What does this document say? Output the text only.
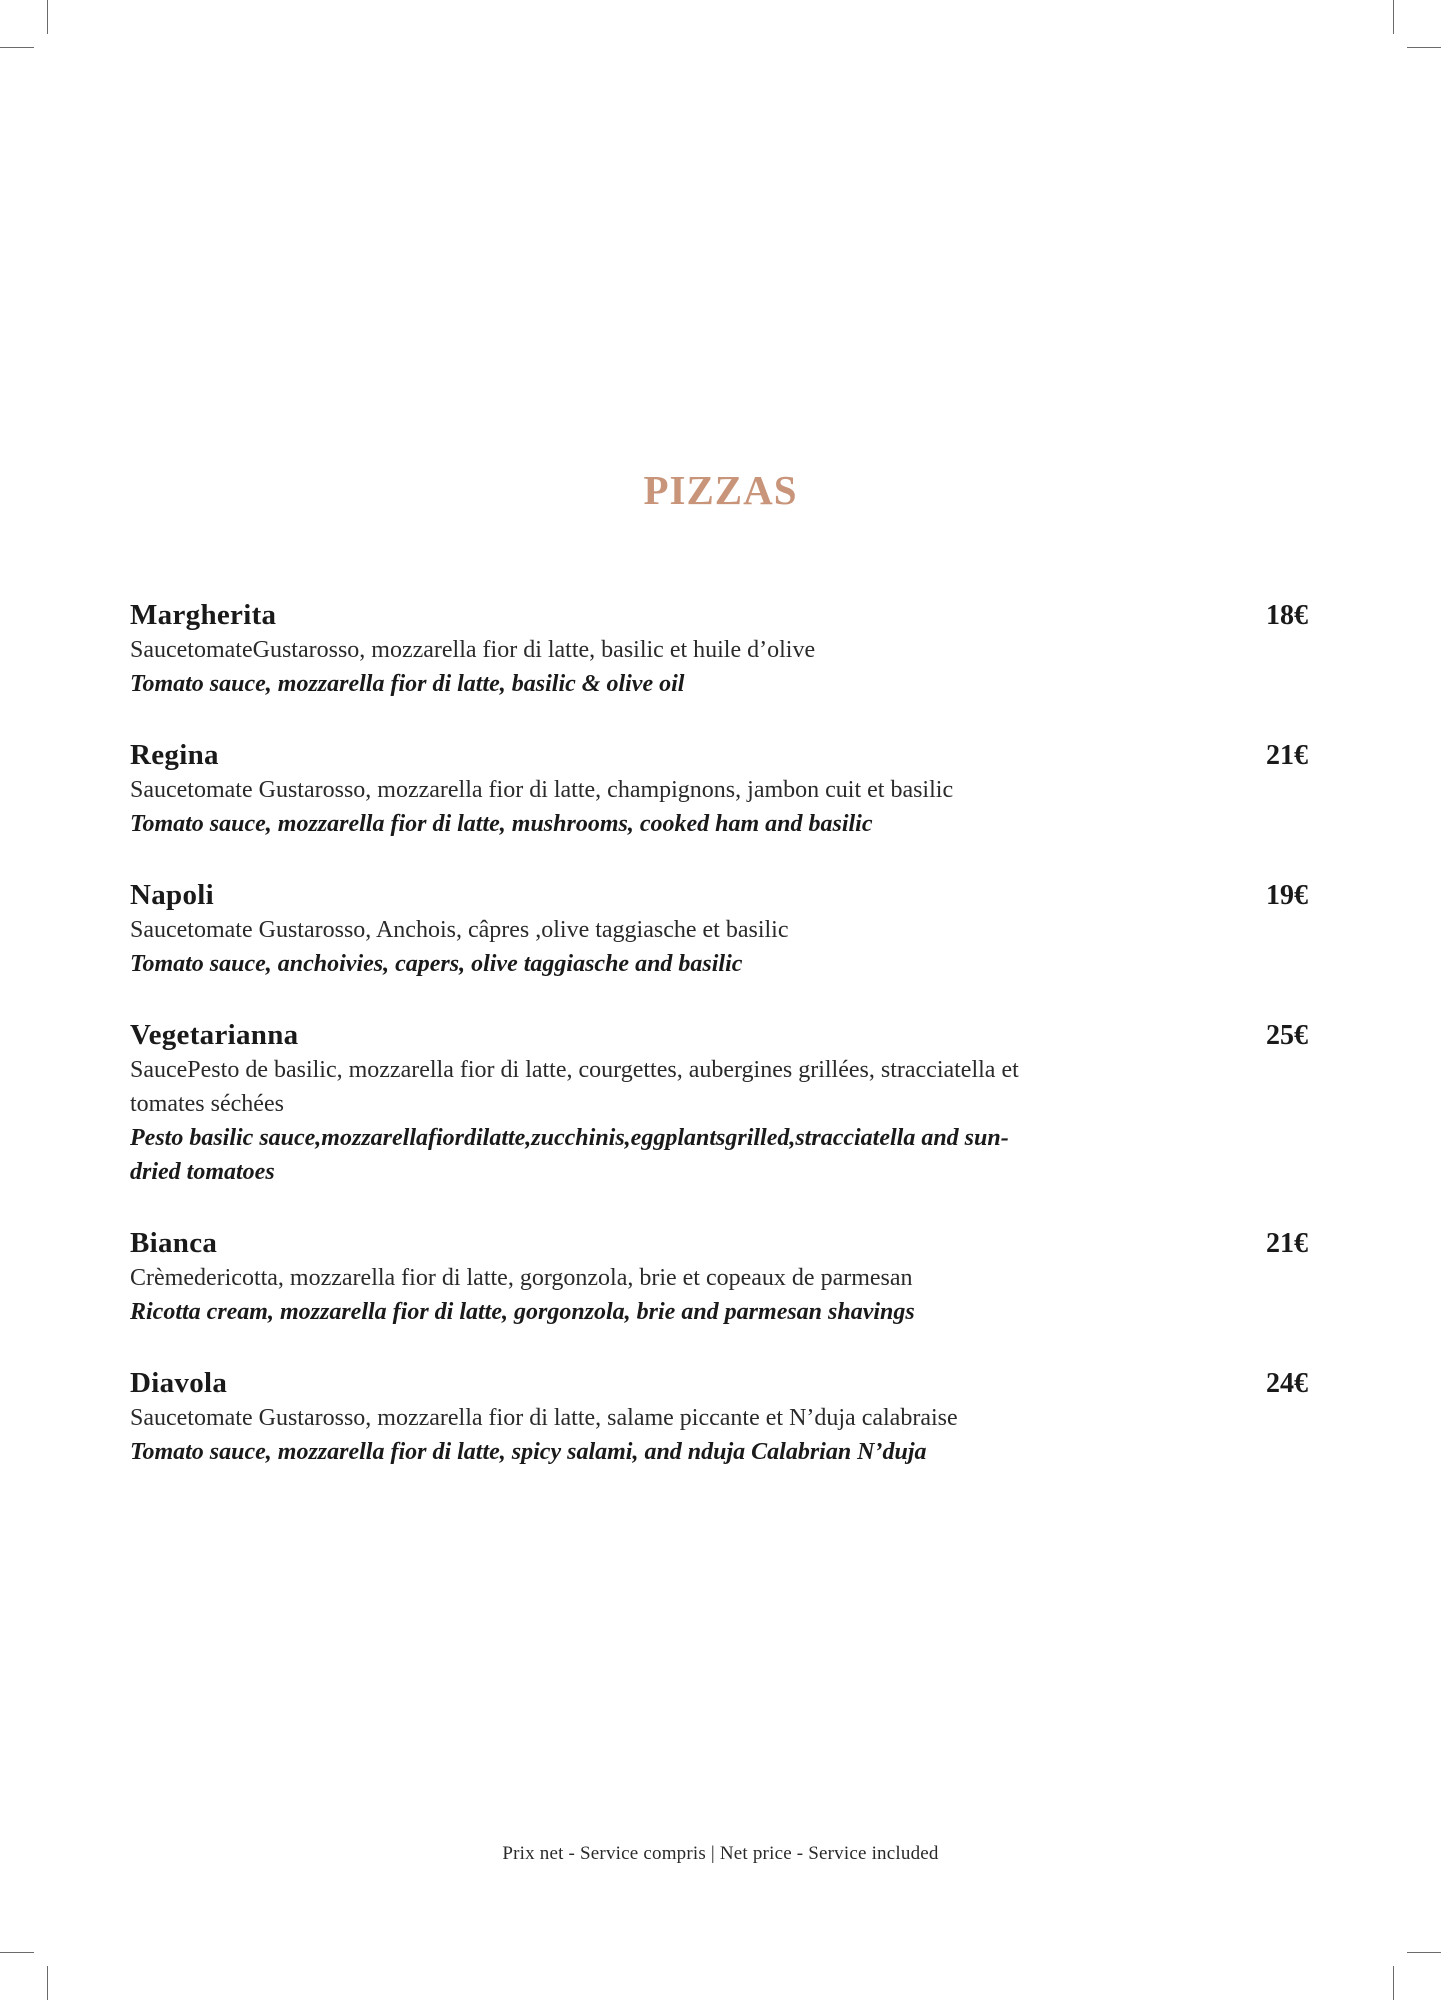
PIZZAS
Margherita	18€

SaucetomateGustarosso, mozzarella fior di latte, basilic et huile d’olive

Tomato sauce, mozzarella fior di latte, basilic & olive oil

Regina	21€

Saucetomate Gustarosso, mozzarella fior di latte, champignons, jambon cuit et basilic

Tomato sauce, mozzarella fior di latte, mushrooms, cooked ham and basilic

Napoli	19€

Saucetomate Gustarosso, Anchois, câpres ,olive taggiasche et basilic

Tomato sauce, anchoivies, capers, olive taggiasche and basilic

Vegetarianna	25€

SaucePesto de basilic, mozzarella fior di latte, courgettes, aubergines grillées, stracciatella et tomates séchées

Pesto basilic sauce,mozzarellafiordilatte,zucchinis,eggplantsgrilled,stracciatella and sun-dried tomatoes

Bianca	21€

Crèmedericotta, mozzarella fior di latte, gorgonzola, brie et copeaux de parmesan

Ricotta cream, mozzarella fior di latte, gorgonzola, brie and parmesan shavings

Diavola	24€

Saucetomate Gustarosso, mozzarella fior di latte, salame piccante et N’duja calabraise

Tomato sauce, mozzarella fior di latte, spicy salami, and nduja Calabrian N’duja

Prix net - Service compris | Net price - Service included
